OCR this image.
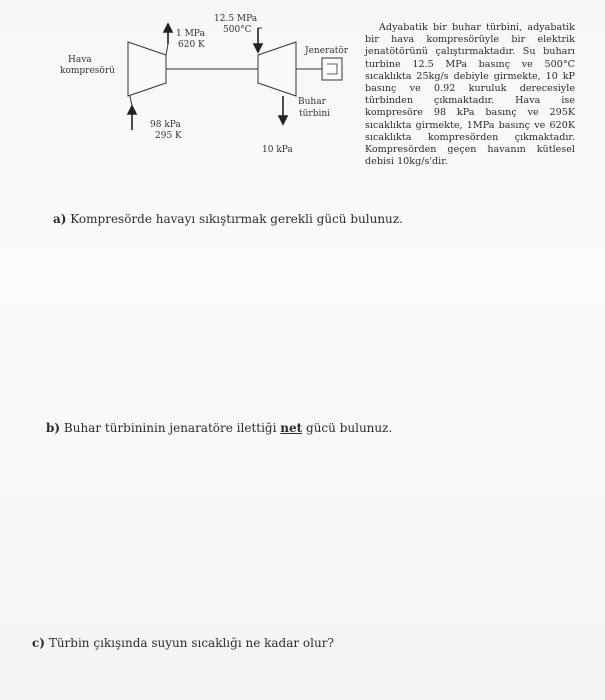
12.5 MPa
500°C
1 MPa
620 K
Hava
kompresörü
Jeneratör
Buhar
türbini
98 kPa
295 K
10 kPa

Adyabatik bir buhar türbini, adyabatik bir hava kompresörüyle bir elektrik jenatötörünü çalıştırmaktadır. Su buharı turbine 12.5 MPa basınç ve 500°C sıcaklıkta 25kg/s debiyle girmekte, 10 kP basınç ve 0.92 kuruluk derecesiyle türbinden çıkmaktadır. Hava ise kompresöre 98 kPa basınç ve 295K sıcaklıkta girmekte, 1MPa basınç ve 620K sıcaklıkta kompresörden çıkmaktadır. Kompresörden geçen havanın kütlesel debisi 10kg/s'dir.

a) Kompresörde havayı sıkıştırmak gerekli gücü bulunuz.
b) Buhar türbininin jenaratöre ilettiği net gücü bulunuz.
c) Türbin çıkışında suyun sıcaklığı ne kadar olur?
